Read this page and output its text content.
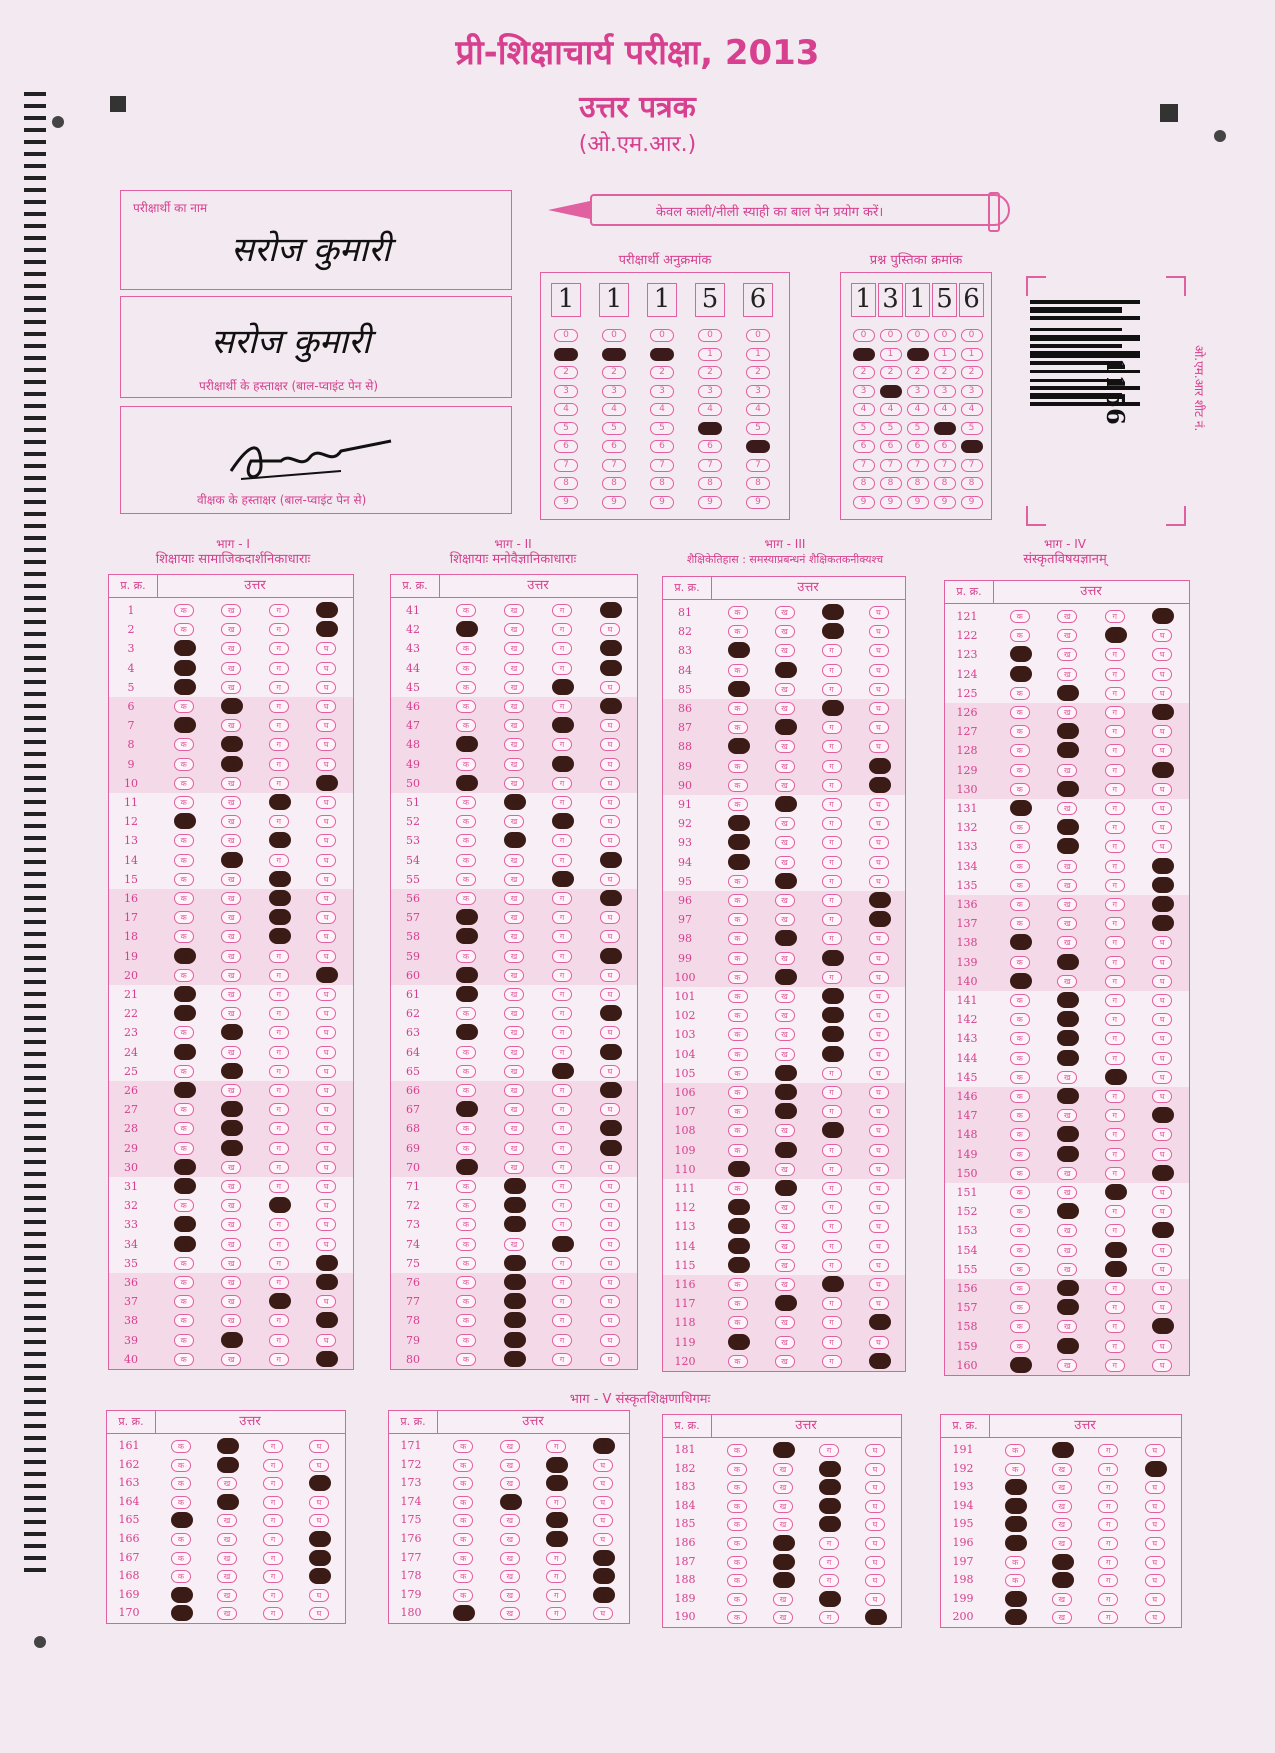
प्री-शिक्षाचार्य परीक्षा, 2013
उत्तर पत्रक
(ओ.एम.आर.)
परीक्षार्थी का नाम
सरोज कुमारी
सरोज कुमारी
परीक्षार्थी के हस्ताक्षर (बाल-प्वाइंट पेन से)
वीक्षक के हस्ताक्षर (बाल-प्वाइंट पेन से)
केवल काली/नीली स्याही का बाल पेन प्रयोग करें।
परीक्षार्थी अनुक्रमांक
1
0
1
2
3
4
5
6
7
8
9
1
0
1
2
3
4
5
6
7
8
9
1
0
1
2
3
4
5
6
7
8
9
5
0
1
2
3
4
5
6
7
8
9
6
0
1
2
3
4
5
6
7
8
9
प्रश्न पुस्तिका क्रमांक
1
0
1
2
3
4
5
6
7
8
9
3
0
1
2
3
4
5
6
7
8
9
1
0
1
2
3
4
5
6
7
8
9
5
0
1
2
3
4
5
6
7
8
9
6
0
1
2
3
4
5
6
7
8
9
1156	ओ.एम.आर शीट नं.
भाग - I
शिक्षायाः सामाजिकदार्शनिकाधाराः
भाग - II
शिक्षायाः मनोवैज्ञानिकाधाराः
भाग - III
शैक्षिकेतिहास : समस्याप्रबन्धनं शैक्षिकतकनीक्यश्च
भाग - IV
संस्कृतविषयज्ञानम्
भाग - V संस्कृतशिक्षणाधिगमः
प्र. क्र.	उत्तर
1	क	ख	ग	घ
2	क	ख	ग	घ
3	क	ख	ग	घ
4	क	ख	ग	घ
5	क	ख	ग	घ
6	क	ख	ग	घ
7	क	ख	ग	घ
8	क	ख	ग	घ
9	क	ख	ग	घ
10	क	ख	ग	घ
11	क	ख	ग	घ
12	क	ख	ग	घ
13	क	ख	ग	घ
14	क	ख	ग	घ
15	क	ख	ग	घ
16	क	ख	ग	घ
17	क	ख	ग	घ
18	क	ख	ग	घ
19	क	ख	ग	घ
20	क	ख	ग	घ
21	क	ख	ग	घ
22	क	ख	ग	घ
23	क	ख	ग	घ
24	क	ख	ग	घ
25	क	ख	ग	घ
26	क	ख	ग	घ
27	क	ख	ग	घ
28	क	ख	ग	घ
29	क	ख	ग	घ
30	क	ख	ग	घ
31	क	ख	ग	घ
32	क	ख	ग	घ
33	क	ख	ग	घ
34	क	ख	ग	घ
35	क	ख	ग	घ
36	क	ख	ग	घ
37	क	ख	ग	घ
38	क	ख	ग	घ
39	क	ख	ग	घ
40	क	ख	ग	घ
प्र. क्र.	उत्तर
41	क	ख	ग	घ
42	क	ख	ग	घ
43	क	ख	ग	घ
44	क	ख	ग	घ
45	क	ख	ग	घ
46	क	ख	ग	घ
47	क	ख	ग	घ
48	क	ख	ग	घ
49	क	ख	ग	घ
50	क	ख	ग	घ
51	क	ख	ग	घ
52	क	ख	ग	घ
53	क	ख	ग	घ
54	क	ख	ग	घ
55	क	ख	ग	घ
56	क	ख	ग	घ
57	क	ख	ग	घ
58	क	ख	ग	घ
59	क	ख	ग	घ
60	क	ख	ग	घ
61	क	ख	ग	घ
62	क	ख	ग	घ
63	क	ख	ग	घ
64	क	ख	ग	घ
65	क	ख	ग	घ
66	क	ख	ग	घ
67	क	ख	ग	घ
68	क	ख	ग	घ
69	क	ख	ग	घ
70	क	ख	ग	घ
71	क	ख	ग	घ
72	क	ख	ग	घ
73	क	ख	ग	घ
74	क	ख	ग	घ
75	क	ख	ग	घ
76	क	ख	ग	घ
77	क	ख	ग	घ
78	क	ख	ग	घ
79	क	ख	ग	घ
80	क	ख	ग	घ
प्र. क्र.	उत्तर
81	क	ख	ग	घ
82	क	ख	ग	घ
83	क	ख	ग	घ
84	क	ख	ग	घ
85	क	ख	ग	घ
86	क	ख	ग	घ
87	क	ख	ग	घ
88	क	ख	ग	घ
89	क	ख	ग	घ
90	क	ख	ग	घ
91	क	ख	ग	घ
92	क	ख	ग	घ
93	क	ख	ग	घ
94	क	ख	ग	घ
95	क	ख	ग	घ
96	क	ख	ग	घ
97	क	ख	ग	घ
98	क	ख	ग	घ
99	क	ख	ग	घ
100	क	ख	ग	घ
101	क	ख	ग	घ
102	क	ख	ग	घ
103	क	ख	ग	घ
104	क	ख	ग	घ
105	क	ख	ग	घ
106	क	ख	ग	घ
107	क	ख	ग	घ
108	क	ख	ग	घ
109	क	ख	ग	घ
110	क	ख	ग	घ
111	क	ख	ग	घ
112	क	ख	ग	घ
113	क	ख	ग	घ
114	क	ख	ग	घ
115	क	ख	ग	घ
116	क	ख	ग	घ
117	क	ख	ग	घ
118	क	ख	ग	घ
119	क	ख	ग	घ
120	क	ख	ग	घ
प्र. क्र.	उत्तर
121	क	ख	ग	घ
122	क	ख	ग	घ
123	क	ख	ग	घ
124	क	ख	ग	घ
125	क	ख	ग	घ
126	क	ख	ग	घ
127	क	ख	ग	घ
128	क	ख	ग	घ
129	क	ख	ग	घ
130	क	ख	ग	घ
131	क	ख	ग	घ
132	क	ख	ग	घ
133	क	ख	ग	घ
134	क	ख	ग	घ
135	क	ख	ग	घ
136	क	ख	ग	घ
137	क	ख	ग	घ
138	क	ख	ग	घ
139	क	ख	ग	घ
140	क	ख	ग	घ
141	क	ख	ग	घ
142	क	ख	ग	घ
143	क	ख	ग	घ
144	क	ख	ग	घ
145	क	ख	ग	घ
146	क	ख	ग	घ
147	क	ख	ग	घ
148	क	ख	ग	घ
149	क	ख	ग	घ
150	क	ख	ग	घ
151	क	ख	ग	घ
152	क	ख	ग	घ
153	क	ख	ग	घ
154	क	ख	ग	घ
155	क	ख	ग	घ
156	क	ख	ग	घ
157	क	ख	ग	घ
158	क	ख	ग	घ
159	क	ख	ग	घ
160	क	ख	ग	घ
प्र. क्र.	उत्तर
161	क	ख	ग	घ
162	क	ख	ग	घ
163	क	ख	ग	घ
164	क	ख	ग	घ
165	क	ख	ग	घ
166	क	ख	ग	घ
167	क	ख	ग	घ
168	क	ख	ग	घ
169	क	ख	ग	घ
170	क	ख	ग	घ
प्र. क्र.	उत्तर
171	क	ख	ग	घ
172	क	ख	ग	घ
173	क	ख	ग	घ
174	क	ख	ग	घ
175	क	ख	ग	घ
176	क	ख	ग	घ
177	क	ख	ग	घ
178	क	ख	ग	घ
179	क	ख	ग	घ
180	क	ख	ग	घ
प्र. क्र.	उत्तर
181	क	ख	ग	घ
182	क	ख	ग	घ
183	क	ख	ग	घ
184	क	ख	ग	घ
185	क	ख	ग	घ
186	क	ख	ग	घ
187	क	ख	ग	घ
188	क	ख	ग	घ
189	क	ख	ग	घ
190	क	ख	ग	घ
प्र. क्र.	उत्तर
191	क	ख	ग	घ
192	क	ख	ग	घ
193	क	ख	ग	घ
194	क	ख	ग	घ
195	क	ख	ग	घ
196	क	ख	ग	घ
197	क	ख	ग	घ
198	क	ख	ग	घ
199	क	ख	ग	घ
200	क	ख	ग	घ
